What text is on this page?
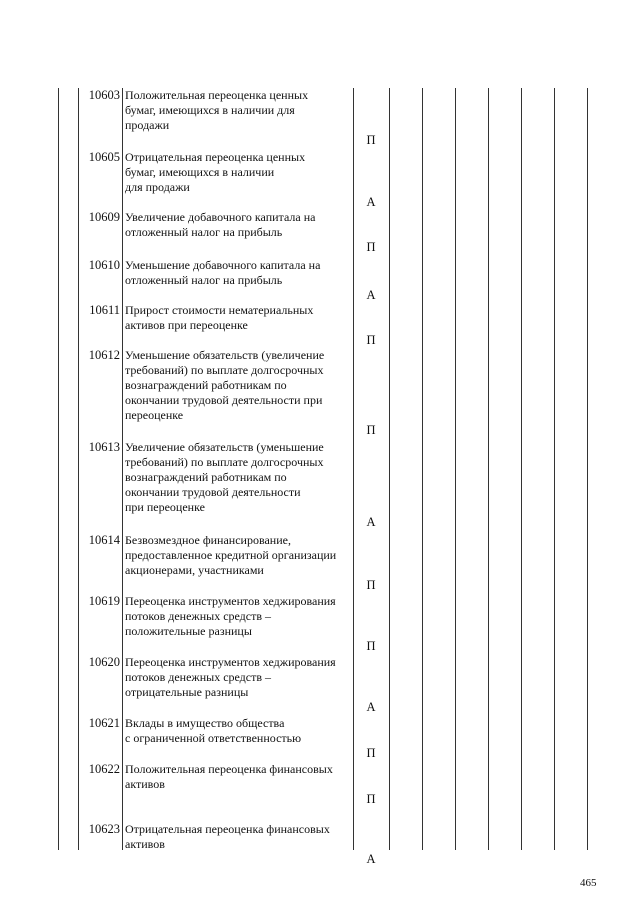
10603 Положительная переоценка ценных
бумаг, имеющихся в наличии для
продажи
П
10605 Отрицательная переоценка ценных
бумаг, имеющихся в наличии
для продажи
А
10609 Увеличение добавочного капитала на
отложенный налог на прибыль
П
10610 Уменьшение добавочного капитала на
отложенный налог на прибыль
А
10611 Прирост стоимости нематериальных
активов при переоценке
П
10612 Уменьшение обязательств (увеличение
требований) по выплате долгосрочных
вознаграждений работникам по
окончании трудовой деятельности при
переоценке
П
10613 Увеличение обязательств (уменьшение
требований) по выплате долгосрочных
вознаграждений работникам по
окончании трудовой деятельности
при переоценке
А
10614 Безвозмездное финансирование,
предоставленное кредитной организации
акционерами, участниками
П
10619 Переоценка инструментов хеджирования
потоков денежных средств –
положительные разницы
П
10620 Переоценка инструментов хеджирования
потоков денежных средств –
отрицательные разницы
А
10621 Вклады в имущество общества
с ограниченной ответственностью
П
10622 Положительная переоценка финансовых
активов
П
10623 Отрицательная переоценка финансовых
активов
А
465
